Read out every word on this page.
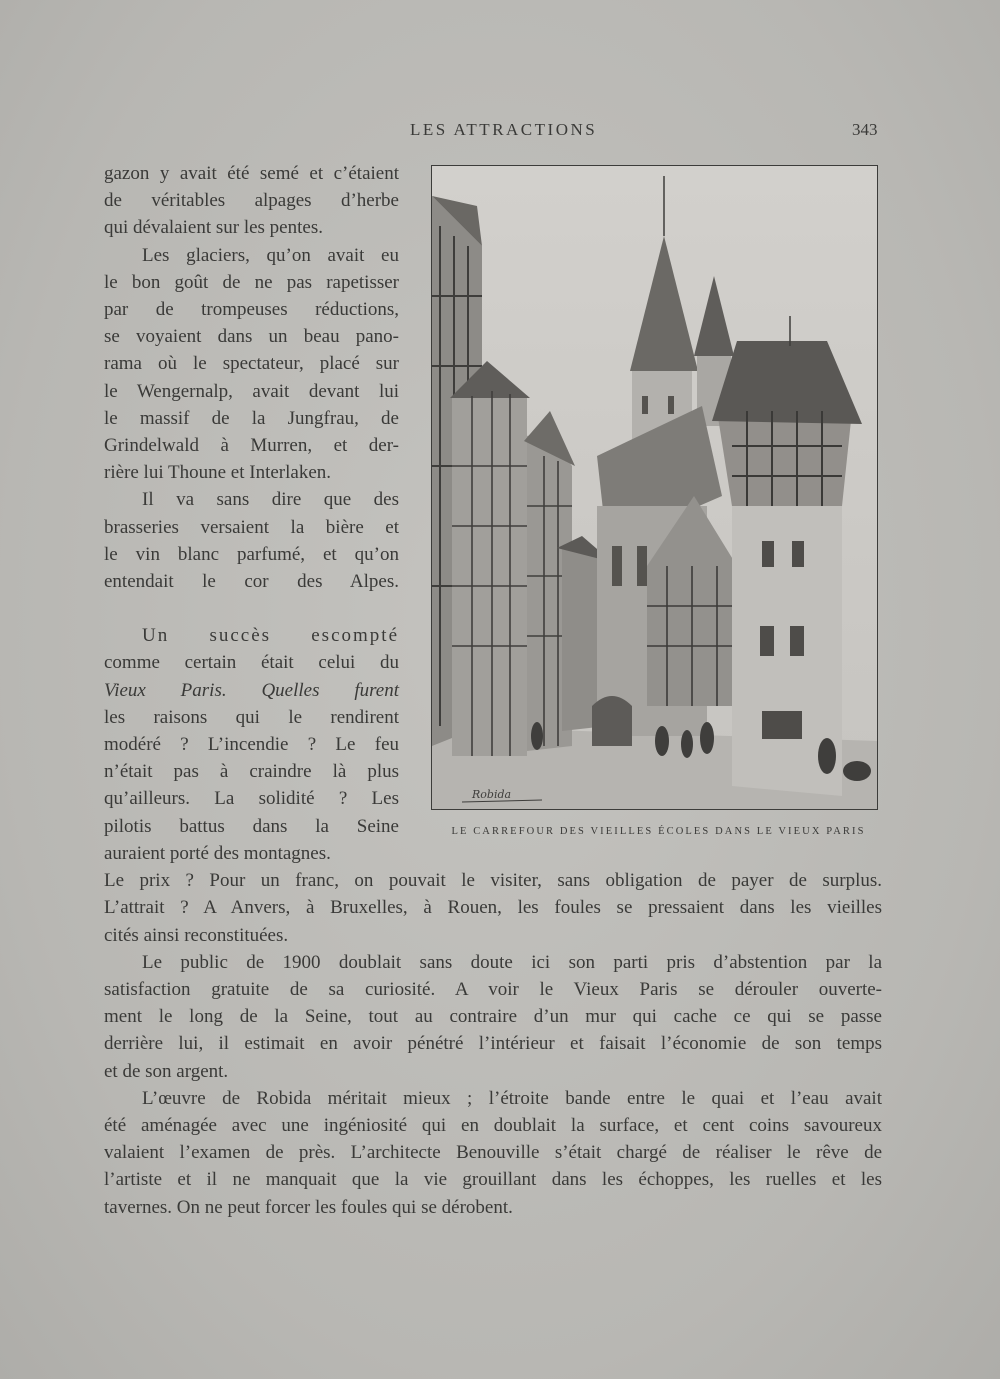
LES ATTRACTIONS	343
gazon y avait été semé et c’étaient
de véritables alpages d’herbe
qui dévalaient sur les pentes.
Les glaciers, qu’on avait eu
le bon goût de ne pas rapetisser
par de trompeuses réductions,
se voyaient dans un beau pano-
rama où le spectateur, placé sur
le Wengernalp, avait devant lui
le massif de la Jungfrau, de
Grindelwald à Murren, et der-
rière lui Thoune et Interlaken.
Il va sans dire que des
brasseries versaient la bière et
le vin blanc parfumé, et qu’on
entendait le cor des Alpes.
Un succès escompté
comme certain était celui du
Vieux Paris. Quelles furent
les raisons qui le rendirent
modéré ? L’incendie ? Le feu
n’était pas à craindre là plus
qu’ailleurs. La solidité ? Les
pilotis battus dans la Seine
Robida
LE CARREFOUR DES VIEILLES ÉCOLES DANS LE VIEUX PARIS
auraient porté des montagnes.
Le prix ? Pour un franc, on pouvait le visiter, sans obligation de payer de surplus.
L’attrait ? A Anvers, à Bruxelles, à Rouen, les foules se pressaient dans les vieilles
cités ainsi reconstituées.
Le public de 1900 doublait sans doute ici son parti pris d’abstention par la
satisfaction gratuite de sa curiosité. A voir le Vieux Paris se dérouler ouverte-
ment le long de la Seine, tout au contraire d’un mur qui cache ce qui se passe
derrière lui, il estimait en avoir pénétré l’intérieur et faisait l’économie de son temps
et de son argent.
L’œuvre de Robida méritait mieux ; l’étroite bande entre le quai et l’eau avait
été aménagée avec une ingéniosité qui en doublait la surface, et cent coins savoureux
valaient l’examen de près. L’architecte Benouville s’était chargé de réaliser le rêve de
l’artiste et il ne manquait que la vie grouillant dans les échoppes, les ruelles et les
tavernes. On ne peut forcer les foules qui se dérobent.
